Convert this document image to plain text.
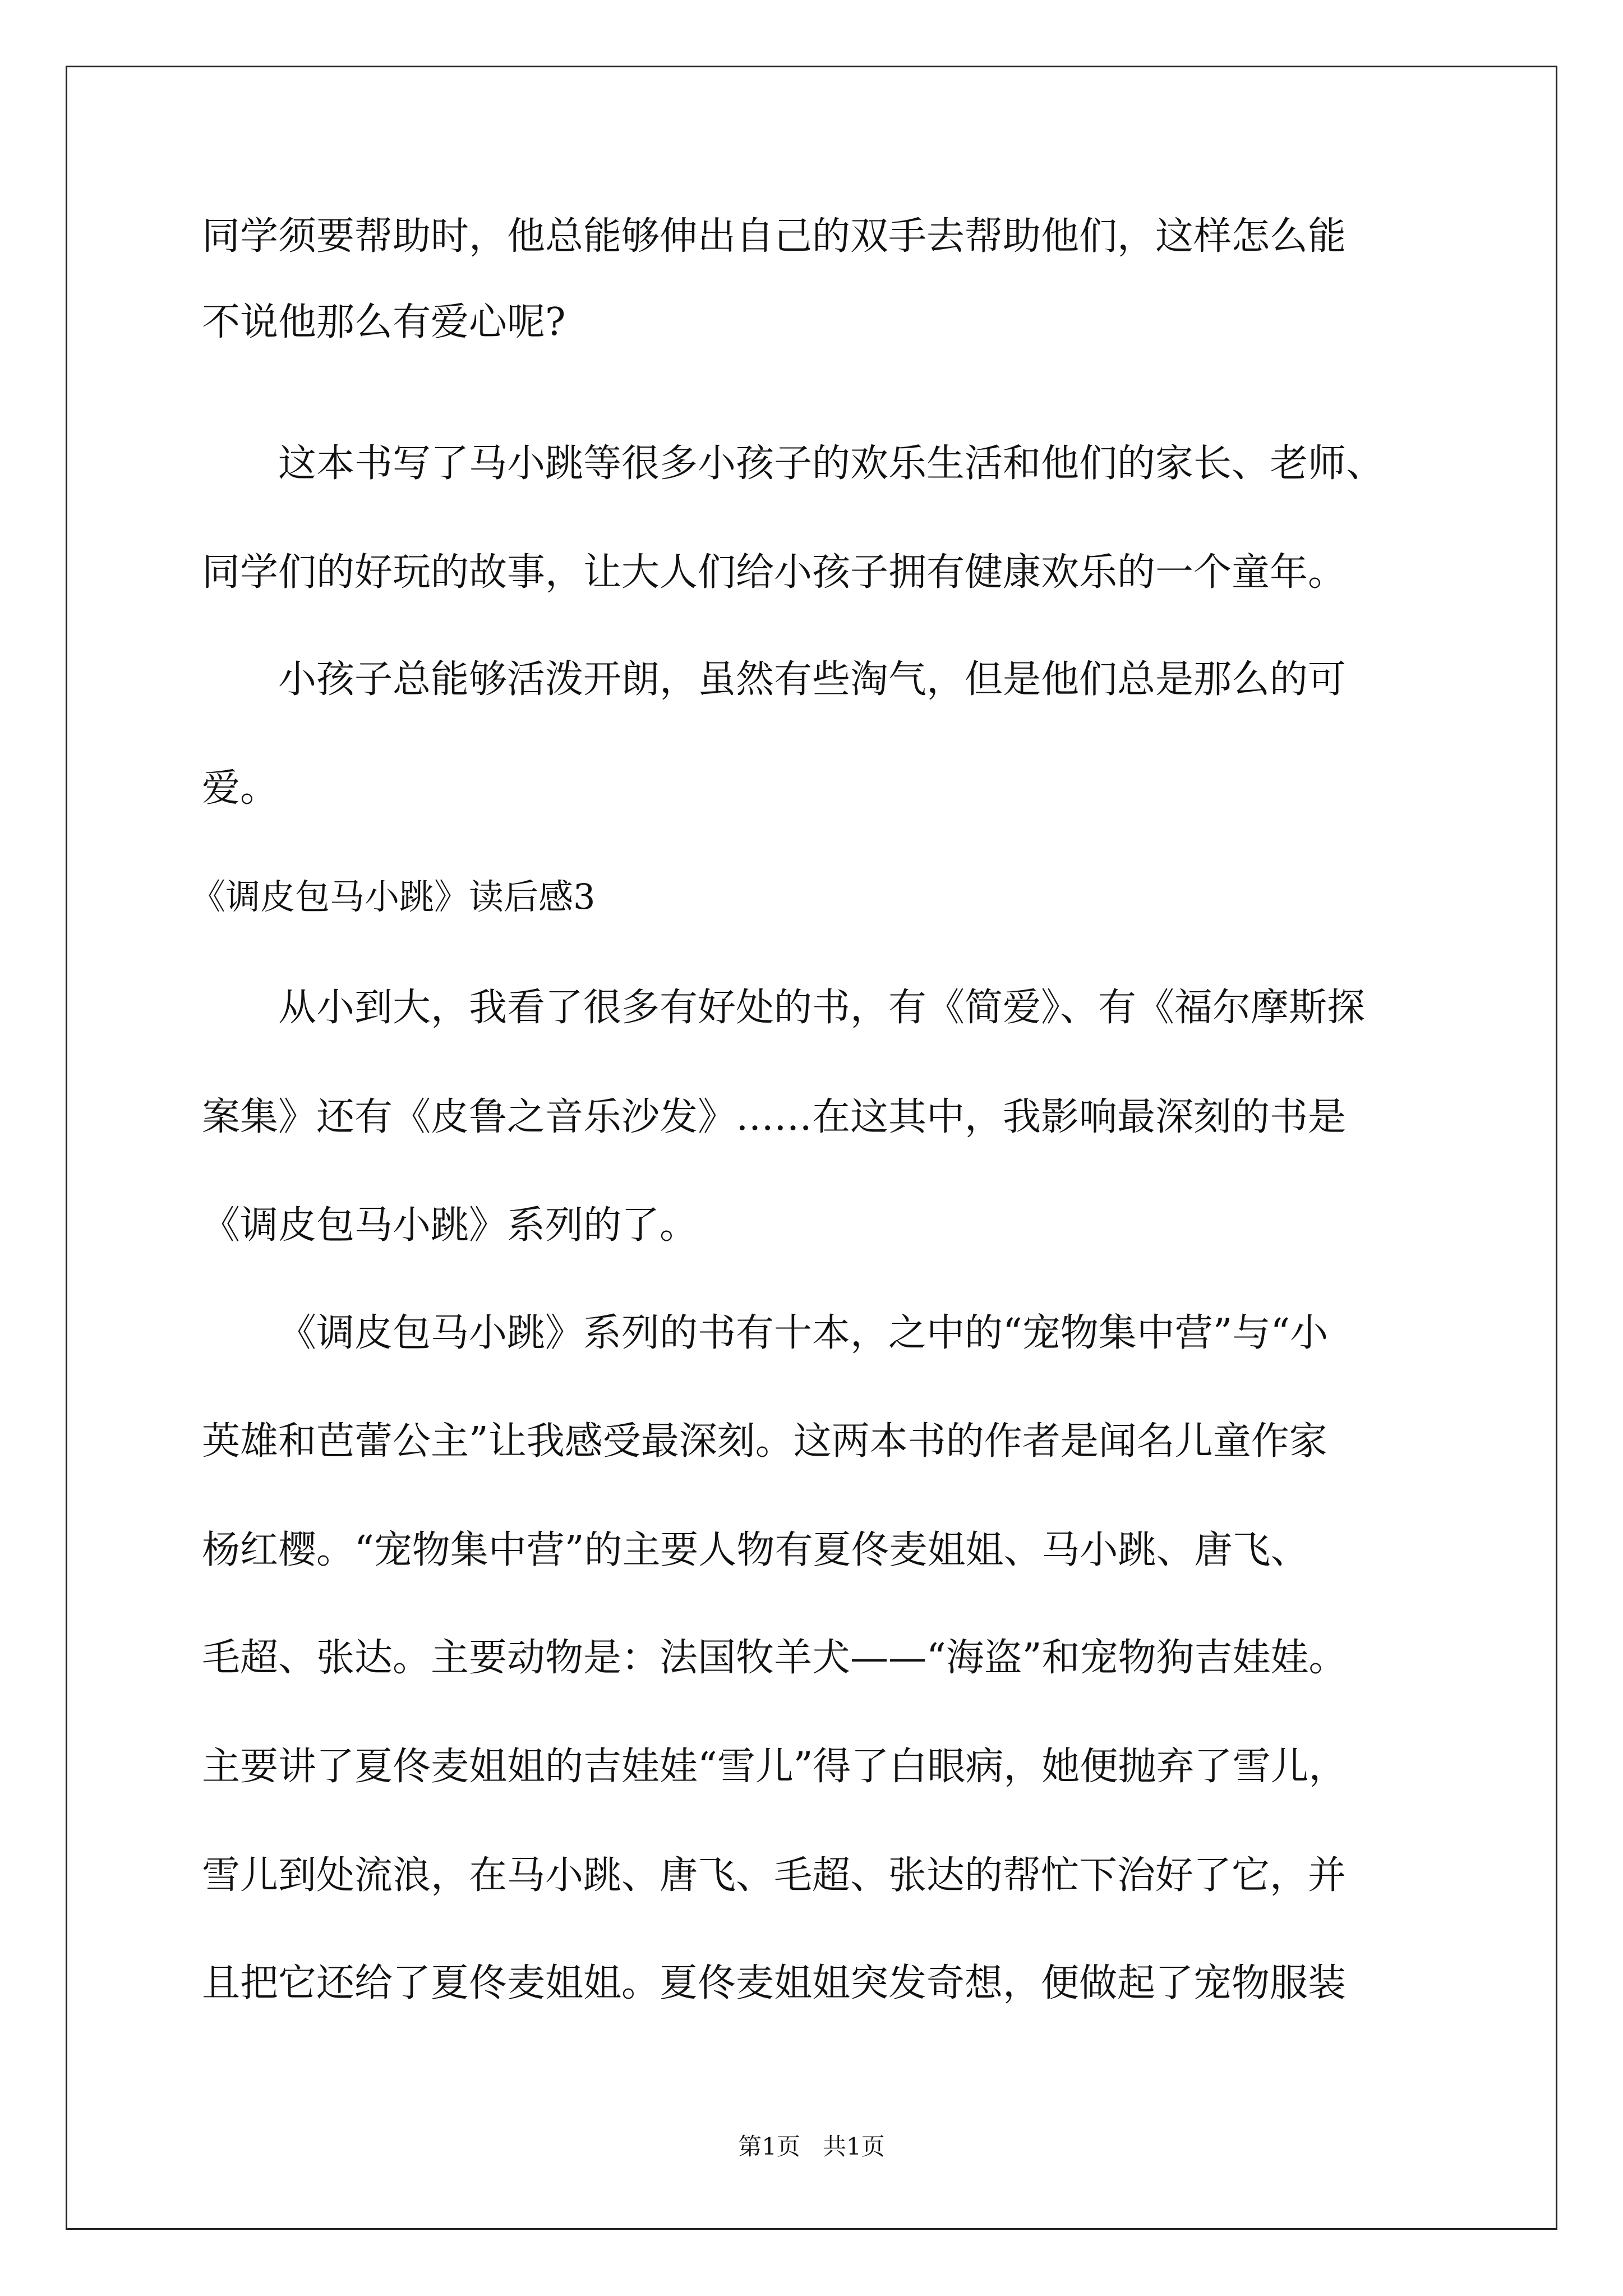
同学须要帮助时，他总能够伸出自己的双手去帮助他们，这样怎么能
不说他那么有爱心呢?
这本书写了马小跳等很多小孩子的欢乐生活和他们的家长、老师、
同学们的好玩的故事，让大人们给小孩子拥有健康欢乐的一个童年。
小孩子总能够活泼开朗，虽然有些淘气，但是他们总是那么的可
爱。
《调皮包马小跳》读后感3
从小到大，我看了很多有好处的书，有《简爱》、有《福尔摩斯探
案集》还有《皮鲁之音乐沙发》……在这其中，我影响最深刻的书是
《调皮包马小跳》系列的了。
《调皮包马小跳》系列的书有十本，之中的“宠物集中营”与“小
英雄和芭蕾公主”让我感受最深刻。这两本书的作者是闻名儿童作家
杨红樱。“宠物集中营”的主要人物有夏佟麦姐姐、马小跳、唐飞、
毛超、张达。主要动物是：法国牧羊犬——“海盗”和宠物狗吉娃娃。
主要讲了夏佟麦姐姐的吉娃娃“雪儿”得了白眼病，她便抛弃了雪儿，
雪儿到处流浪，在马小跳、唐飞、毛超、张达的帮忙下治好了它，并
且把它还给了夏佟麦姐姐。夏佟麦姐姐突发奇想，便做起了宠物服装
第1页   共1页
